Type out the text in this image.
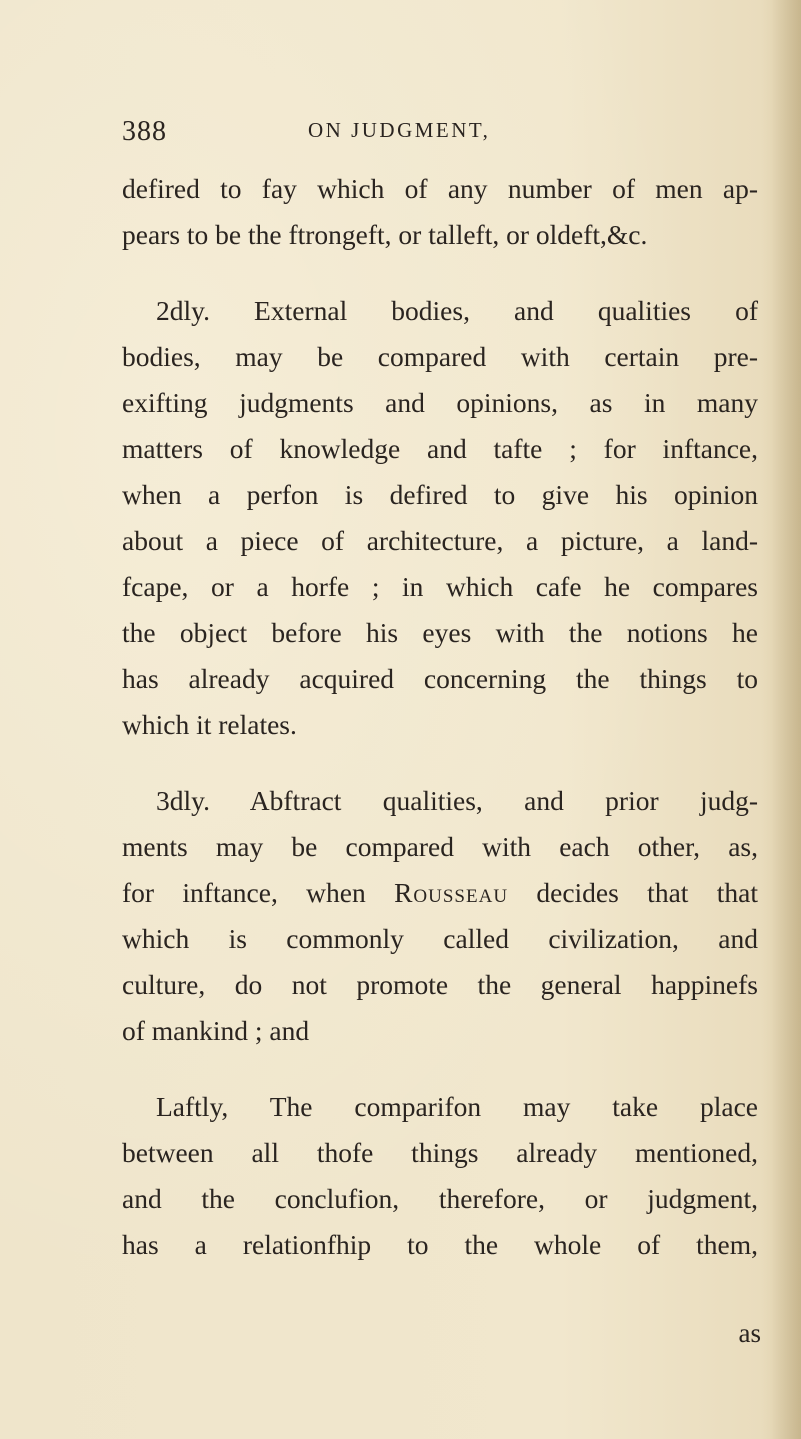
388	ON JUDGMENT,
defired to fay which of any number of men ap-
pears to be the ftrongeft, or talleft, or oldeft,&c.
2dly. External bodies, and qualities of
bodies, may be compared with certain pre-
exifting judgments and opinions, as in many
matters of knowledge and tafte ; for inftance,
when a perfon is defired to give his opinion
about a piece of architecture, a picture, a land-
fcape, or a horfe ; in which cafe he compares
the object before his eyes with the notions he
has already acquired concerning the things to
which it relates.
3dly. Abftract qualities, and prior judg-
ments may be compared with each other, as,
for inftance, when Rousseau decides that that
which is commonly called civilization, and
culture, do not promote the general happinefs
of mankind ; and
Laftly, The comparifon may take place
between all thofe things already mentioned,
and the conclufion, therefore, or judgment,
has a relationfhip to the whole of them,
as
